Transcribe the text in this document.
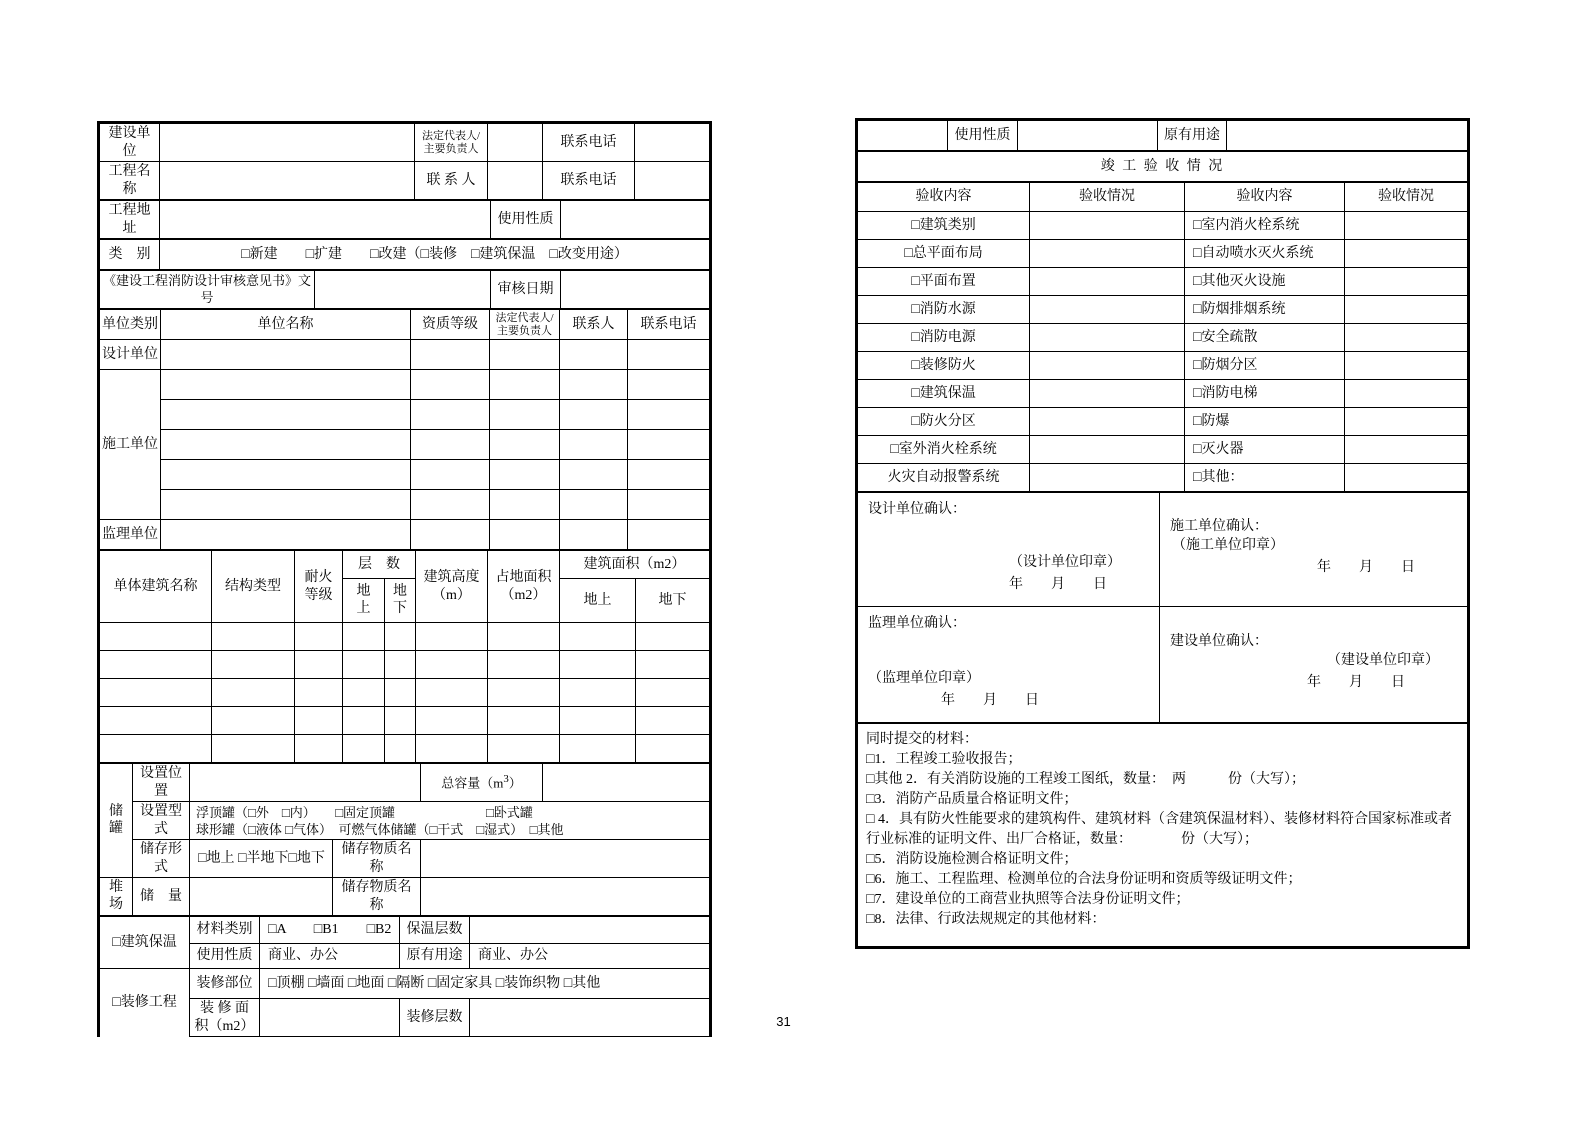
建设单位		法定代表人/主要负责人		联系电话	
工程名称		联 系 人		联系电话	
工程地址		使用性质	
类　别	□新建　　□扩建　　□改建（□装修　□建筑保温　□改变用途）
《建设工程消防设计审核意见书》文号		审核日期	
单位类别	单位名称	资质等级	法定代表人/主要负责人	联系人	联系电话
设计单位					
施工单位					

监理单位					
单体建筑名称	结构类型	耐火等级	层　数		建筑高度（m）	占地面积（m2）	建筑面积（m2）	
			地上	地下			地上	地下

储罐	设置位置			总容量$(m^3)$	
	设置型式	浮顶罐（□外　□内）　　□固定顶罐　　　　　　　□卧式罐
球形罐（□液体 □气体）　可燃气体储罐（□干式　□湿式）　□其他			

	储存形式	□地上 □半地下□地下	储存物质名称		
堆场	储　量		储存物质名称		
□建筑保温	材料类别	□A　　□B1　　□B2	保温层数	
	使用性质	商业、办公	原有用途	商业、办公
□装修工程	装修部位	□顶棚 □墙面 □地面 □隔断 □固定家具 □装饰织物 □其他		
	装 修 面 积（m2）		装修层数	
	使用性质		原有用途	
竣 工 验 收 情 况
验收内容	验收情况	验收内容	验收情况
□建筑类别		□室内消火栓系统	
□总平面布局		□自动喷水灭火系统	
□平面布置		□其他灭火设施	
□消防水源		□防烟排烟系统	
□消防电源		□安全疏散	
□装修防火		□防烟分区	
□建筑保温		□消防电梯	
□防火分区		□防爆	
□室外消火栓系统		□灭火器	
火灾自动报警系统		□其他：	
设计单位确认：
（设计单位印章）
年　　月　　日

施工单位确认：
（施工单位印章）
年　　月　　日

监理单位确认：
（监理单位印章）
年　　月　　日

建设单位确认：
（建设单位印章）
年　　月　　日
同时提交的材料：
□1．工程竣工验收报告；
□其他 2．有关消防设施的工程竣工图纸，数量：　两　　　份（大写）；
□3．消防产品质量合格证明文件；
□ 4．具有防火性能要求的建筑构件、建筑材料（含建筑保温材料）、装修材料符合国家标准或者行业标准的证明文件、出厂合格证，数量：　　　　份（大写）；
□5．消防设施检测合格证明文件；
□6．施工、工程监理、检测单位的合法身份证明和资质等级证明文件；
□7．建设单位的工商营业执照等合法身份证明文件；
□8．法律、行政法规规定的其他材料：
31
